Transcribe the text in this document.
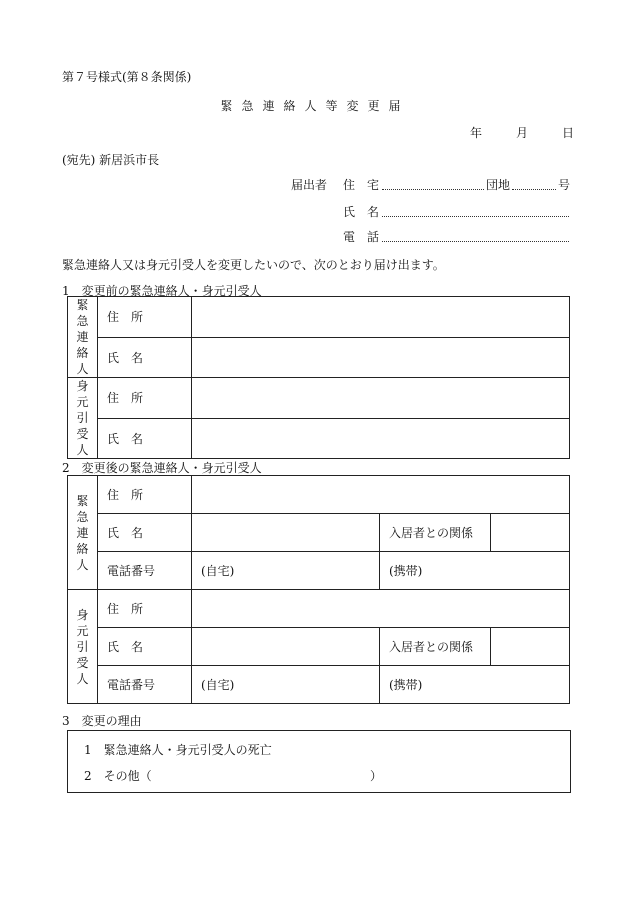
第７号様式(第８条関係)
緊急連絡人等変更届
年	月	日
(宛先) 新居浜市長
届出者 住　宅	団地	号
氏　名
電　話
緊急連絡人又は身元引受人を変更したいので、次のとおり届け出ます。
1　変更前の緊急連絡人・身元引受人
緊
急
連
絡
人	住　所	
	氏　名	

身
元
引
受
人	住　所	
	氏　名	
2　変更後の緊急連絡人・身元引受人
緊
急
連
絡
人	住　所			
	氏　名		入居者との関係	
	電話番号	(自宅)	(携帯)	

身
元
引
受
人	住　所			
	氏　名		入居者との関係	
	電話番号	(自宅)	(携帯)	
3　変更の理由
1　緊急連絡人・身元引受人の死亡
2　その他（	）
